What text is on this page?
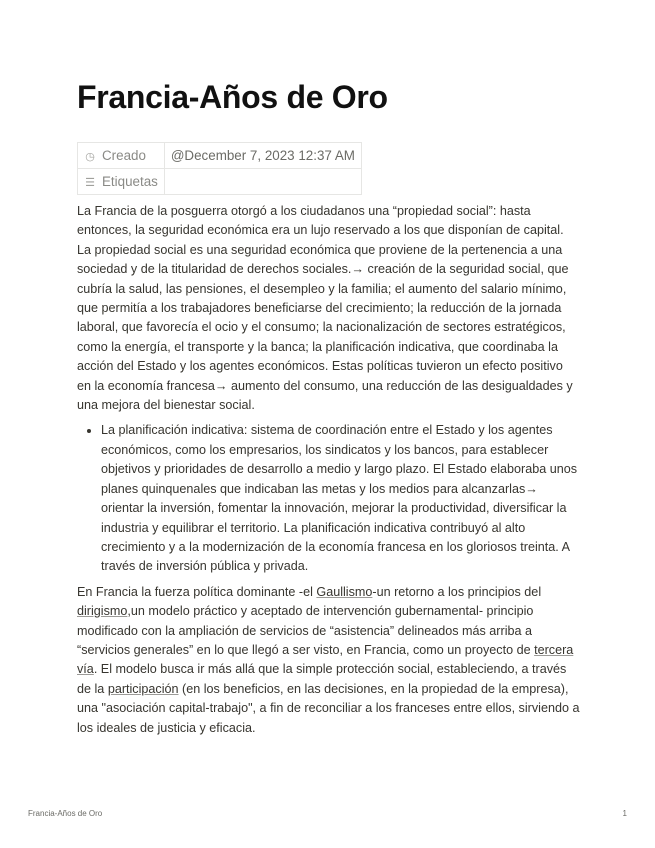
Francia-Años de Oro
◷ Creado	@December 7, 2023 12:37 AM
☰ Etiquetas	

La Francia de la posguerra otorgó a los ciudadanos una “propiedad social”: hasta entonces, la seguridad económica era un lujo reservado a los que disponían de capital. La propiedad social es una seguridad económica que proviene de la pertenencia a una sociedad y de la titularidad de derechos sociales.→ creación de la seguridad social, que cubría la salud, las pensiones, el desempleo y la familia; el aumento del salario mínimo, que permitía a los trabajadores beneficiarse del crecimiento; la reducción de la jornada laboral, que favorecía el ocio y el consumo; la nacionalización de sectores estratégicos, como la energía, el transporte y la banca; la planificación indicativa, que coordinaba la acción del Estado y los agentes económicos. Estas políticas tuvieron un efecto positivo en la economía francesa→ aumento del consumo, una reducción de las desigualdades y una mejora del bienestar social.

• La planificación indicativa: sistema de coordinación entre el Estado y los agentes económicos, como los empresarios, los sindicatos y los bancos, para establecer objetivos y prioridades de desarrollo a medio y largo plazo. El Estado elaboraba unos planes quinquenales que indicaban las metas y los medios para alcanzarlas→ orientar la inversión, fomentar la innovación, mejorar la productividad, diversificar la industria y equilibrar el territorio. La planificación indicativa contribuyó al alto crecimiento y a la modernización de la economía francesa en los gloriosos treinta. A través de inversión pública y privada.

En Francia la fuerza política dominante -el Gaullismo-un retorno a los principios del dirigismo,un modelo práctico y aceptado de intervención gubernamental- principio modificado con la ampliación de servicios de “asistencia” delineados más arriba a “servicios generales” en lo que llegó a ser visto, en Francia, como un proyecto de tercera vía. El modelo busca ir más allá que la simple protección social, estableciendo, a través de la participación (en los beneficios, en las decisiones, en la propiedad de la empresa), una "asociación capital-trabajo", a fin de reconciliar a los franceses entre ellos, sirviendo a los ideales de justicia y eficacia.

Francia-Años de Oro	1
